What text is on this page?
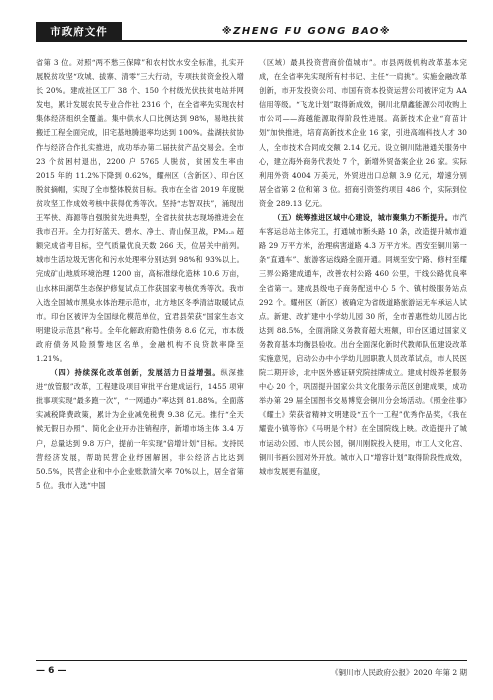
市政府文件	※ZHENG FU GONG BAO※

省第 3 位。对照“两不愁三保障”和农村饮水安全标准，扎实开展脱贫攻坚“攻城、拔寨、清零”三大行动，专项扶贫资金投入增长 20%。建成社区工厂 38 个、150 个村级光伏扶贫电站并网发电，累计发展农民专业合作社 2316 个，在全省率先实现农村集体经济组织全覆盖。集中供水人口比例达到 98%，易地扶贫搬迁工程全面完成，旧宅基地腾退率均达到 100%。盐湖扶贫协作与经济合作扎实推进，成功举办第二届扶贫产品交易会。全市 23 个贫困村退出，2200 户 5765 人脱贫，贫困发生率由 2015 年的 11.2%下降到 0.62%，耀州区（含新区）、印台区脱贫摘帽，实现了全市整体脱贫目标。我市在全省 2019 年度脱贫攻坚工作成效考核中获得优秀等次。坚持“志智双扶”，涌现出王军侠、海源等自强脱贫先进典型，全省扶贫扶志现场推进会在我市召开。全力打好蓝天、碧水、净土、青山保卫战，PM₂.₅ 超额完成省考目标，空气质量优良天数 266 天，位居关中前列。城市生活垃圾无害化和污水处理率分别达到 98%和 93%以上。完成矿山地质环境治理 1200 亩，高标准绿化造林 10.6 万亩，山水林田湖草生态保护修复试点工作获国家考核优秀等次。我市入选全国城市黑臭水体治理示范市，北方地区冬季清洁取暖试点市。印台区被评为全国绿化模范单位，宜君县荣获“国家生态文明建设示范县”称号。全年化解政府隐性债务 8.6 亿元，市本级政府债务风险预警地区名单，金融机构不良贷款率降至 1.21%。

（四）持续深化改革创新，发展活力日益增强。纵深推进“放管服”改革，工程建设项目审批平台建成运行，1455 项审批事项实现“最多跑一次”，“一网通办”率达到 81.88%。全面落实减税降费政策，累计为企业减免税费 9.38 亿元。推行“全天候无假日办照”、简化企业开办注销程序，新增市场主体 3.4 万户，总量达到 9.8 万户，提前一年实现“倍增计划”目标。支持民营经济发展，帮助民营企业纾困解困，非公经济占比达到 50.5%，民营企业和中小企业账款清欠率 70%以上，居全省第 5 位。我市入选“中国

（区域）最具投资营商价值城市”。市县两级机构改革基本完成，在全省率先实现所有村书记、主任“一肩挑”。实施金融改革创新，市开发投资公司、市国有资本投资运营公司被评定为 AA 信用等级。“飞龙计划”取得新成效，铜川北鼎鑫能源公司收购上市公司——海越能源取得阶段性进展。高新技术企业“育苗计划”加快推进，培育高新技术企业 16 家，引进高端科技人才 30 人，全市技术合同成交额 2.14 亿元。设立铜川陆港通关服务中心，建立海外商务代表处 7 个，新增外贸备案企业 26 家。实际利用外资 4004 万美元，外贸进出口总额 3.9 亿元，增速分别居全省第 2 位和第 3 位。招商引资签约项目 486 个，实际到位资金 289.13 亿元。

（五）统筹推进区域中心建设，城市聚集力不断提升。市汽车客运总站主体完工，打通城市断头路 10 条，改造提升城市道路 29 万平方米，治理病害道路 4.3 万平方米。西安至铜川第一条“直通车”、旅游客运线路全面开通。同规至安宁路、修村至耀三界公路建成通车，改善农村公路 460 公里，干线公路优良率全省第一。建成县级电子商务配送中心 5 个、镇村级服务站点 292 个。耀州区（新区）被确定为省级道路旅游运无车承运人试点。新建、改扩建中小学幼儿园 30 所，全市普惠性幼儿园占比达到 88.5%，全面消除义务教育超大班额，印台区通过国家义务教育基本均衡县验收。出台全面深化新时代教师队伍建设改革实施意见，启动公办中小学幼儿园职教人员改革试点，市人民医院二期开诊，北中医外感证研究院挂牌成立。建成村级养老服务中心 20 个，巩固提升国家公共文化服务示范区创建成果，成功举办第 29 届全国图书交易博览会铜川分会场活动。《照金往事》《耀土》荣获省精神文明建设“五个一工程”优秀作品奖，《我在耀瓷小镇等你》《马明是个村》在全国院线上映。改造提升了城市运动公园、市人民公园，铜川刚院投入使用，市工人文化宫、铜川书画公园对外开放。城市入口“增容计划”取得阶段性成效，城市发展更有温度，

— 6 —	《铜川市人民政府公报》2020 年第 2 期
